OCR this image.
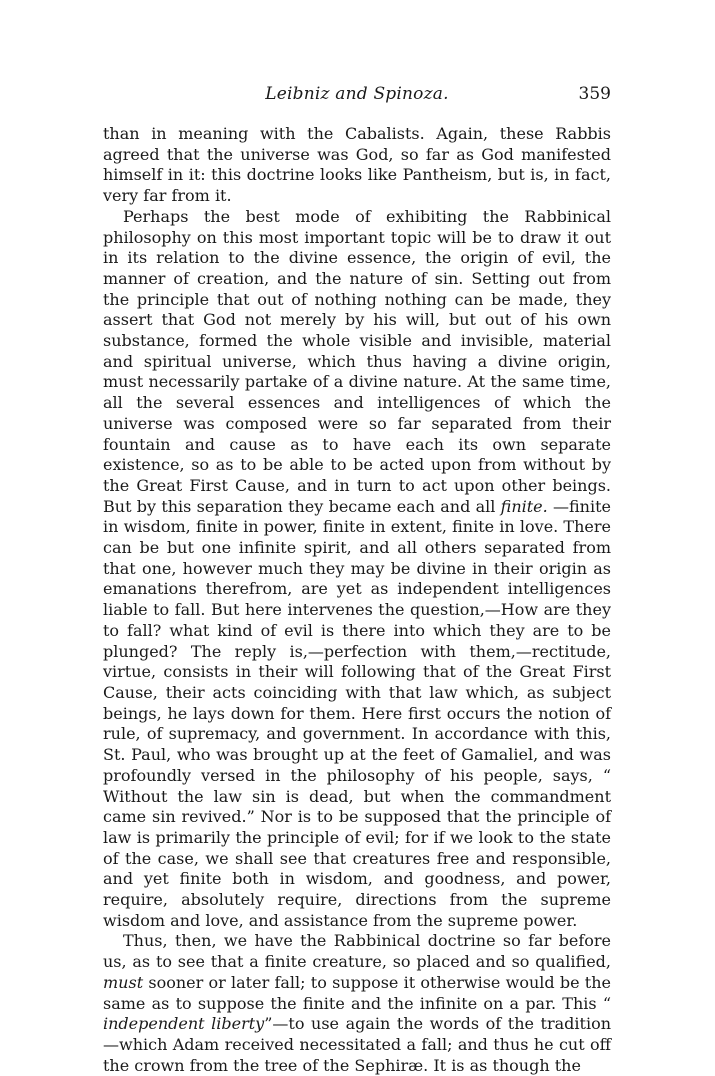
Leibniz and Spinoza.	359

than in meaning with the Cabalists. Again, these Rabbis agreed that the universe was God, so far as God manifested himself in it: this doctrine looks like Pantheism, but is, in fact, very far from it.

Perhaps the best mode of exhibiting the Rabbinical philosophy on this most important topic will be to draw it out in its relation to the divine essence, the origin of evil, the manner of creation, and the nature of sin. Setting out from the principle that out of nothing nothing can be made, they assert that God not merely by his will, but out of his own substance, formed the whole visible and invisible, material and spiritual universe, which thus having a divine origin, must necessarily partake of a divine nature. At the same time, all the several essences and intelligences of which the universe was composed were so far separated from their fountain and cause as to have each its own separate existence, so as to be able to be acted upon from without by the Great First Cause, and in turn to act upon other beings. But by this separation they became each and all finite. —finite in wisdom, finite in power, finite in extent, finite in love. There can be but one infinite spirit, and all others separated from that one, however much they may be divine in their origin as emanations therefrom, are yet as independent intelligences liable to fall. But here intervenes the question,—How are they to fall? what kind of evil is there into which they are to be plunged? The reply is,—perfection with them,—rectitude, virtue, consists in their will following that of the Great First Cause, their acts coinciding with that law which, as subject beings, he lays down for them. Here first occurs the notion of rule, of supremacy, and government. In accordance with this, St. Paul, who was brought up at the feet of Gamaliel, and was profoundly versed in the philosophy of his people, says, “ Without the law sin is dead, but when the commandment came sin revived.” Nor is to be supposed that the principle of law is primarily the principle of evil; for if we look to the state of the case, we shall see that creatures free and responsible, and yet finite both in wisdom, and goodness, and power, require, absolutely require, directions from the supreme wisdom and love, and assistance from the supreme power.

Thus, then, we have the Rabbinical doctrine so far before us, as to see that a finite creature, so placed and so qualified, must sooner or later fall; to suppose it otherwise would be the same as to suppose the finite and the infinite on a par. This “ independent liberty”—to use again the words of the tradition—which Adam received necessitated a fall; and thus he cut off the crown from the tree of the Sephiræ. It is as though the
